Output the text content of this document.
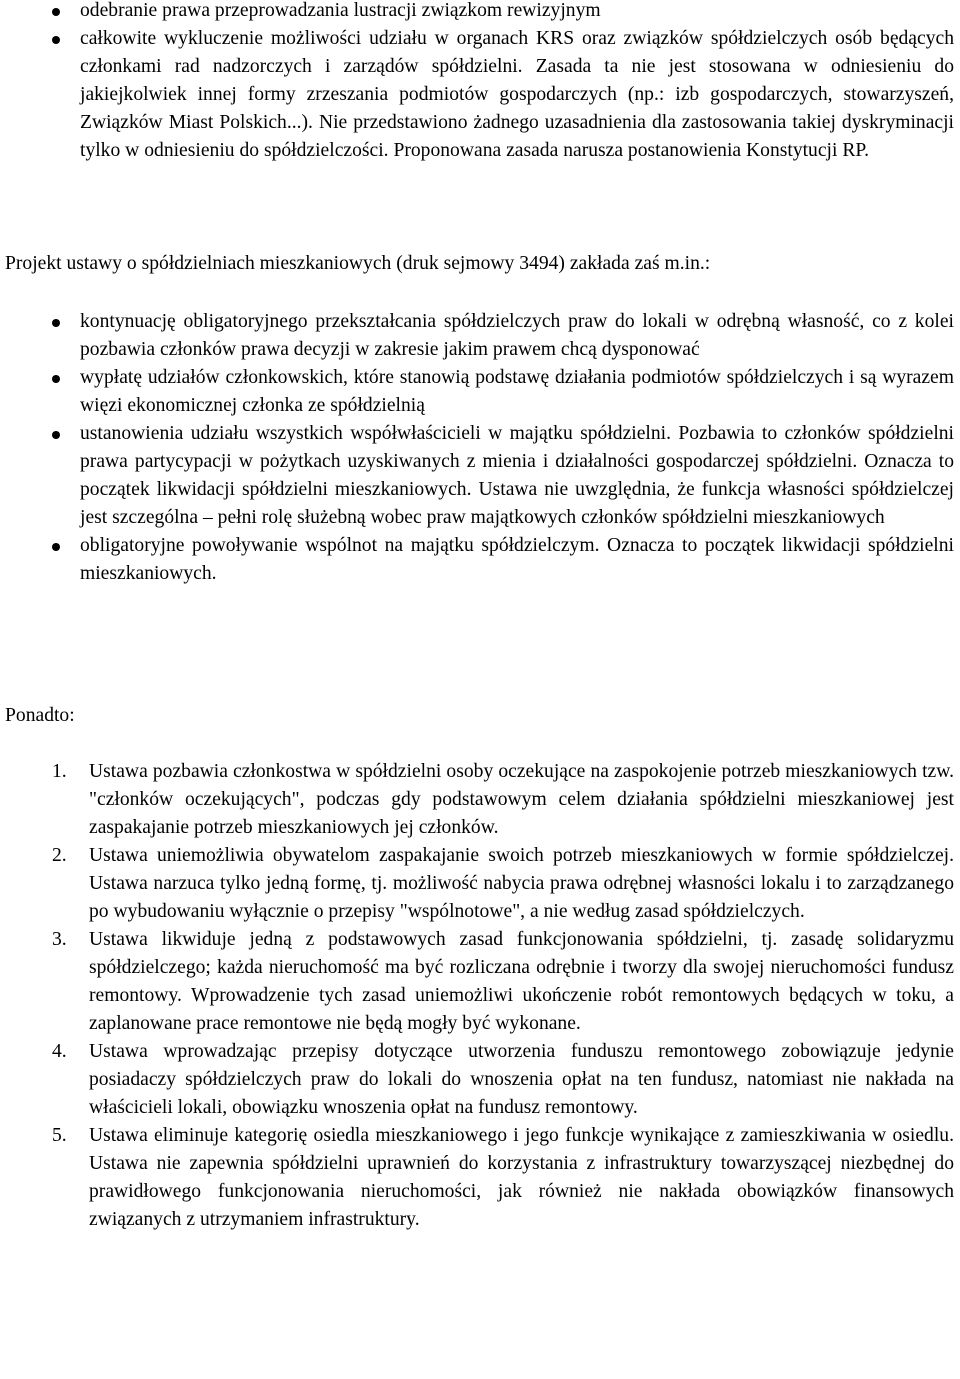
odebranie prawa przeprowadzania lustracji związkom rewizyjnym
całkowite wykluczenie możliwości udziału w organach KRS oraz związków spółdzielczych osób będących członkami rad nadzorczych i zarządów spółdzielni. Zasada ta nie jest stosowana w odniesieniu do jakiejkolwiek innej formy zrzeszania podmiotów gospodarczych (np.: izb gospodarczych, stowarzyszeń, Związków Miast Polskich...). Nie przedstawiono żadnego uzasadnienia dla zastosowania takiej dyskryminacji tylko w odniesieniu do spółdzielczości. Proponowana zasada narusza postanowienia Konstytucji RP.

Projekt ustawy o spółdzielniach mieszkaniowych (druk sejmowy 3494) zakłada zaś m.in.:

kontynuację obligatoryjnego przekształcania spółdzielczych praw do lokali w odrębną własność, co z kolei pozbawia członków prawa decyzji w zakresie jakim prawem chcą dysponować
wypłatę udziałów członkowskich, które stanowią podstawę działania podmiotów spółdzielczych i są wyrazem więzi ekonomicznej członka ze spółdzielnią
ustanowienia udziału wszystkich współwłaścicieli w majątku spółdzielni. Pozbawia to członków spółdzielni prawa partycypacji w pożytkach uzyskiwanych z mienia i działalności gospodarczej spółdzielni. Oznacza to początek likwidacji spółdzielni mieszkaniowych. Ustawa nie uwzględnia, że funkcja własności spółdzielczej jest szczególna – pełni rolę służebną wobec praw majątkowych członków spółdzielni mieszkaniowych
obligatoryjne powoływanie wspólnot na majątku spółdzielczym. Oznacza to początek likwidacji spółdzielni mieszkaniowych.
Ponadto:
1. Ustawa pozbawia członkostwa w spółdzielni osoby oczekujące na zaspokojenie potrzeb mieszkaniowych tzw. "członków oczekujących", podczas gdy podstawowym celem działania spółdzielni mieszkaniowej jest zaspakajanie potrzeb mieszkaniowych jej członków.
2. Ustawa uniemożliwia obywatelom zaspakajanie swoich potrzeb mieszkaniowych w formie spółdzielczej. Ustawa narzuca tylko jedną formę, tj. możliwość nabycia prawa odrębnej własności lokalu i to zarządzanego po wybudowaniu wyłącznie o przepisy "wspólnotowe", a nie według zasad spółdzielczych.
3. Ustawa likwiduje jedną z podstawowych zasad funkcjonowania spółdzielni, tj. zasadę solidaryzmu spółdzielczego; każda nieruchomość ma być rozliczana odrębnie i tworzy dla swojej nieruchomości fundusz remontowy. Wprowadzenie tych zasad uniemożliwi ukończenie robót remontowych będących w toku, a zaplanowane prace remontowe nie będą mogły być wykonane.
4. Ustawa wprowadzając przepisy dotyczące utworzenia funduszu remontowego zobowiązuje jedynie posiadaczy spółdzielczych praw do lokali do wnoszenia opłat na ten fundusz, natomiast nie nakłada na właścicieli lokali, obowiązku wnoszenia opłat na fundusz remontowy.
5. Ustawa eliminuje kategorię osiedla mieszkaniowego i jego funkcje wynikające z zamieszkiwania w osiedlu. Ustawa nie zapewnia spółdzielni uprawnień do korzystania z infrastruktury towarzyszącej niezbędnej do prawidłowego funkcjonowania nieruchomości, jak również nie nakłada obowiązków finansowych związanych z utrzymaniem infrastruktury.
